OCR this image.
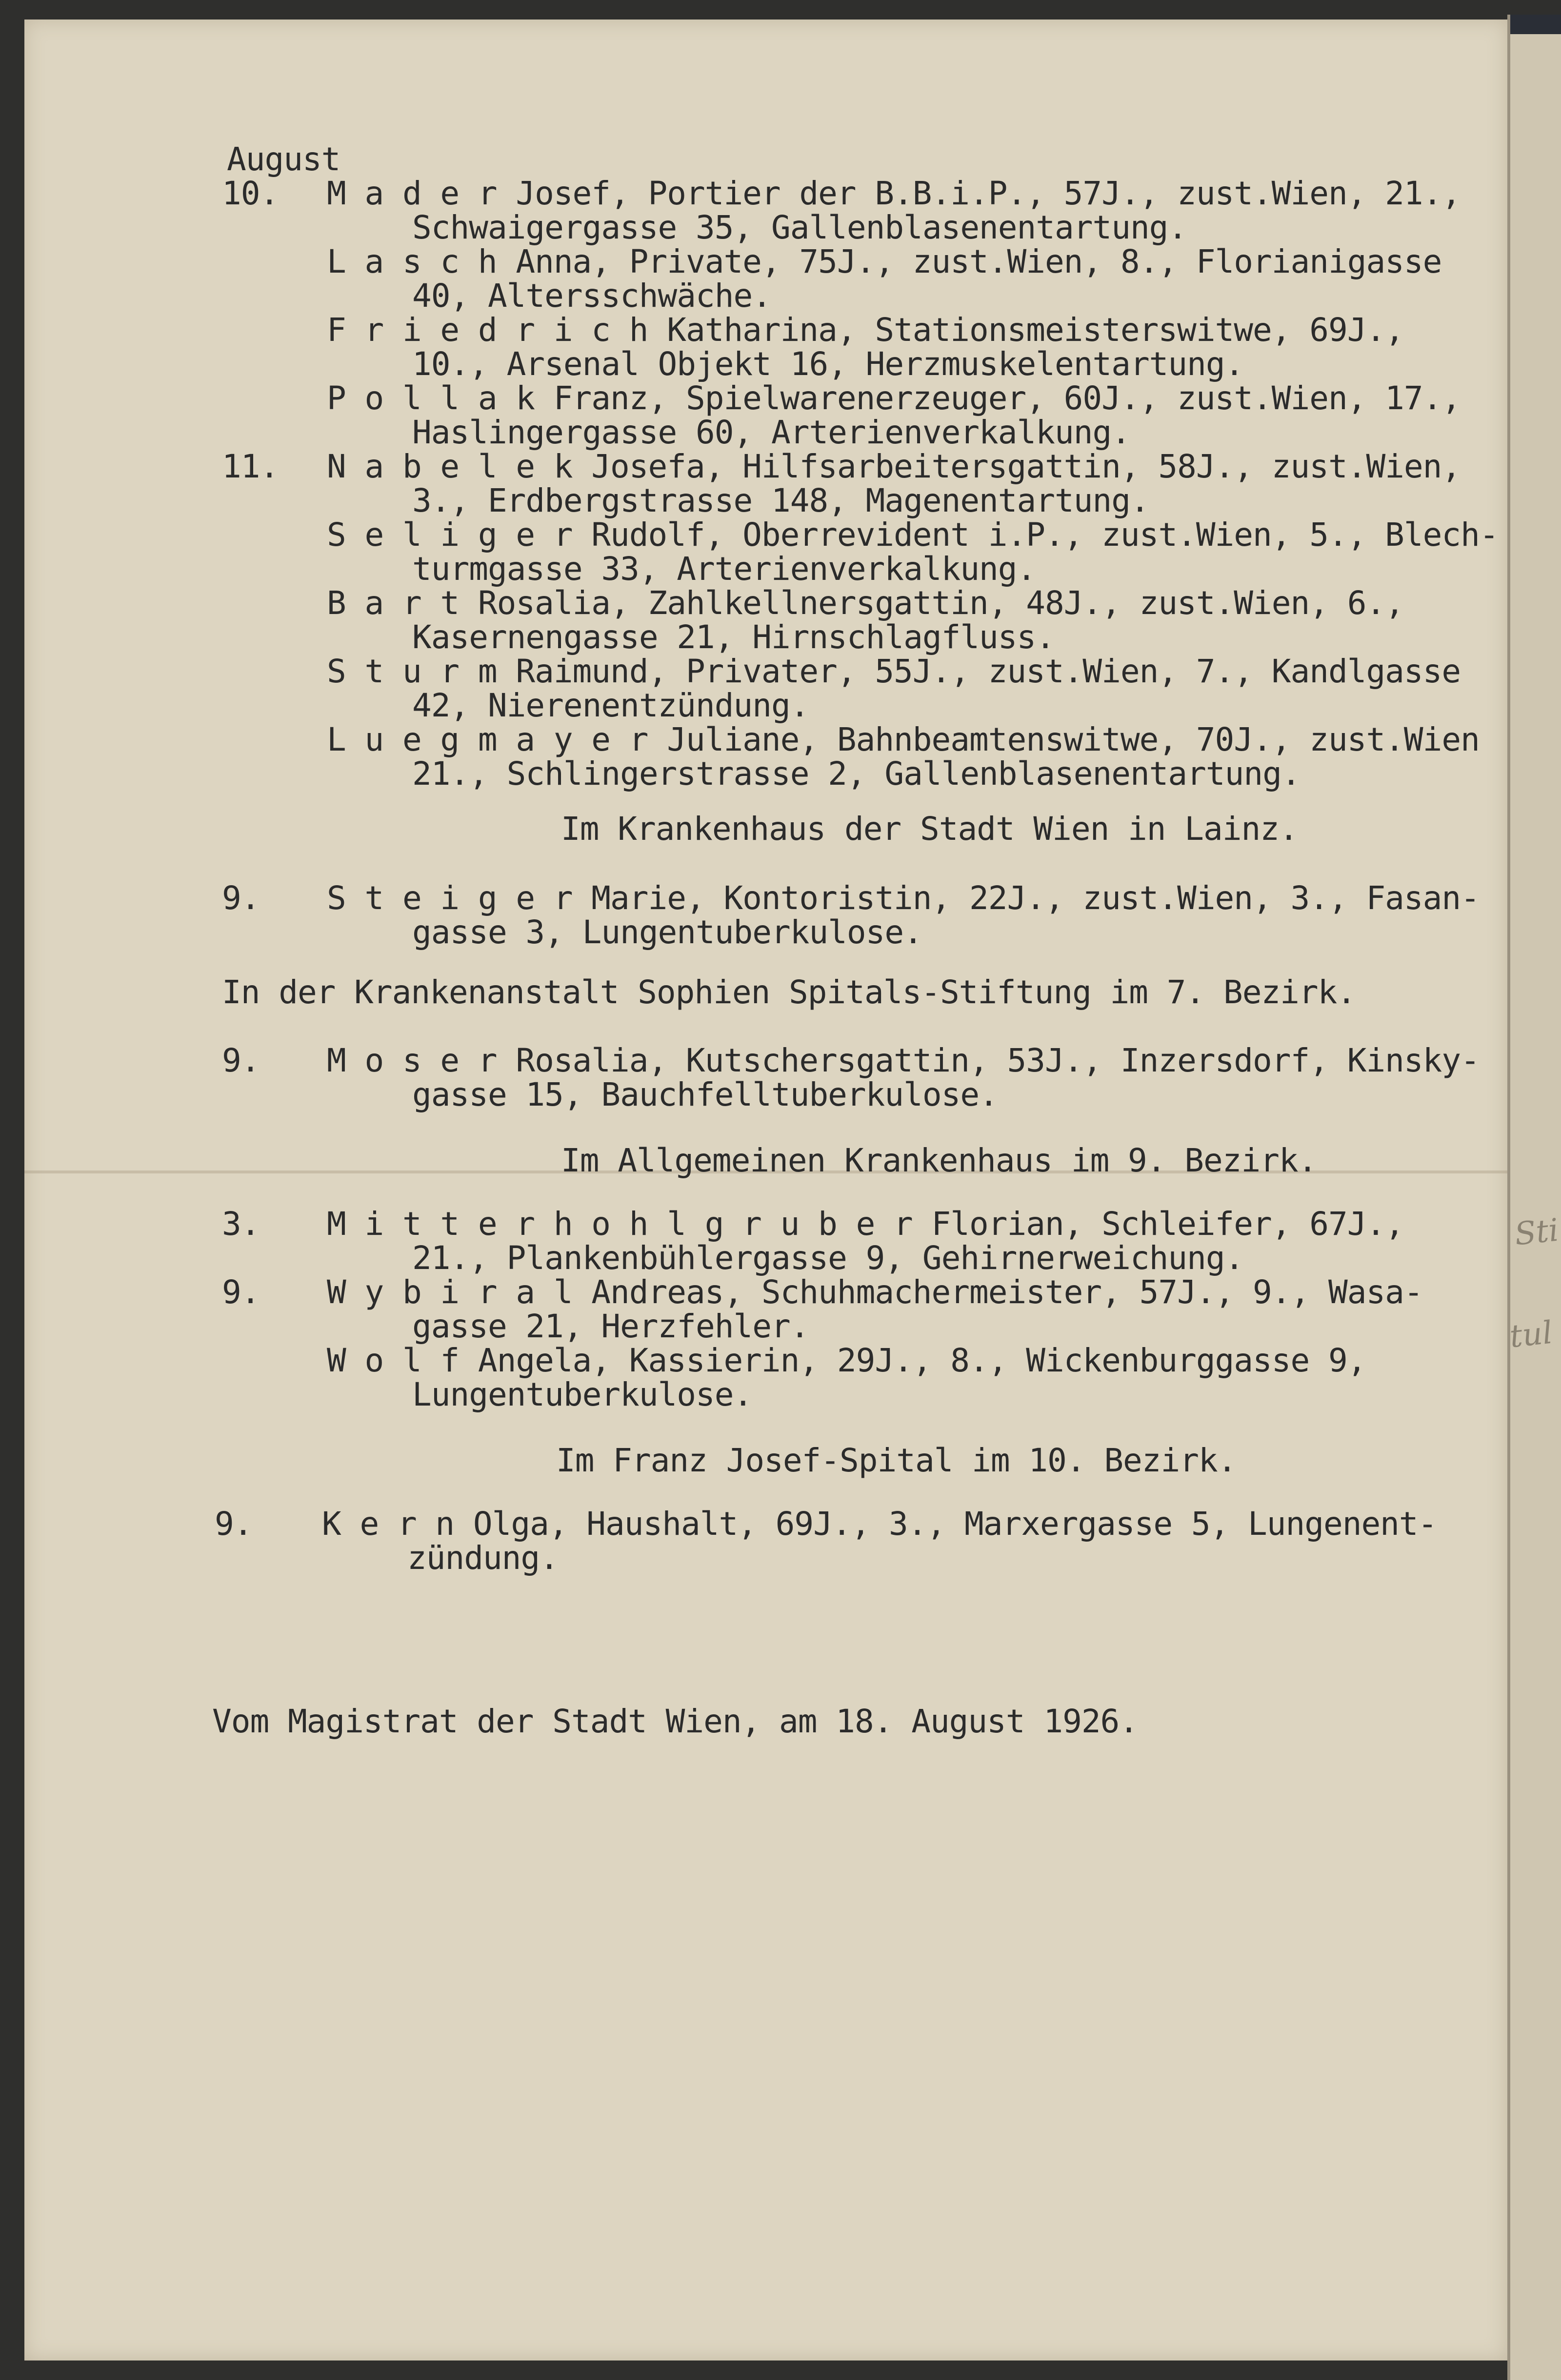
Sti
tul
August
10. M a d e r Josef, Portier der B.B.i.P., 57J., zust.Wien, 21.,
Schwaigergasse 35, Gallenblasenentartung.
L a s c h Anna, Private, 75J., zust.Wien, 8., Florianigasse
40, Altersschwäche.
F r i e d r i c h Katharina, Stationsmeisterswitwe, 69J.,
10., Arsenal Objekt 16, Herzmuskelentartung.
P o l l a k Franz, Spielwarenerzeuger, 60J., zust.Wien, 17.,
Haslingergasse 60, Arterienverkalkung.
11. N a b e l e k Josefa, Hilfsarbeitersgattin, 58J., zust.Wien,
3., Erdbergstrasse 148, Magenentartung.
S e l i g e r Rudolf, Oberrevident i.P., zust.Wien, 5., Blech-
turmgasse 33, Arterienverkalkung.
B a r t Rosalia, Zahlkellnersgattin, 48J., zust.Wien, 6.,
Kasernengasse 21, Hirnschlagfluss.
S t u r m Raimund, Privater, 55J., zust.Wien, 7., Kandlgasse
42, Nierenentzündung.
L u e g m a y e r Juliane, Bahnbeamtenswitwe, 70J., zust.Wien
21., Schlingerstrasse 2, Gallenblasenentartung.
Im Krankenhaus der Stadt Wien in Lainz.
9. S t e i g e r Marie, Kontoristin, 22J., zust.Wien, 3., Fasan-
gasse 3, Lungentuberkulose.
In der Krankenanstalt Sophien Spitals-Stiftung im 7. Bezirk.
9. M o s e r Rosalia, Kutschersgattin, 53J., Inzersdorf, Kinsky-
gasse 15, Bauchfelltuberkulose.
Im Allgemeinen Krankenhaus im 9. Bezirk.
3. M i t t e r h o h l g r u b e r Florian, Schleifer, 67J.,
21., Plankenbühlergasse 9, Gehirnerweichung.
9. W y b i r a l Andreas, Schuhmachermeister, 57J., 9., Wasa-
gasse 21, Herzfehler.
W o l f Angela, Kassierin, 29J., 8., Wickenburggasse 9,
Lungentuberkulose.
Im Franz Josef-Spital im 10. Bezirk.
9. K e r n Olga, Haushalt, 69J., 3., Marxergasse 5, Lungenent-
zündung.
Vom Magistrat der Stadt Wien, am 18. August 1926.
